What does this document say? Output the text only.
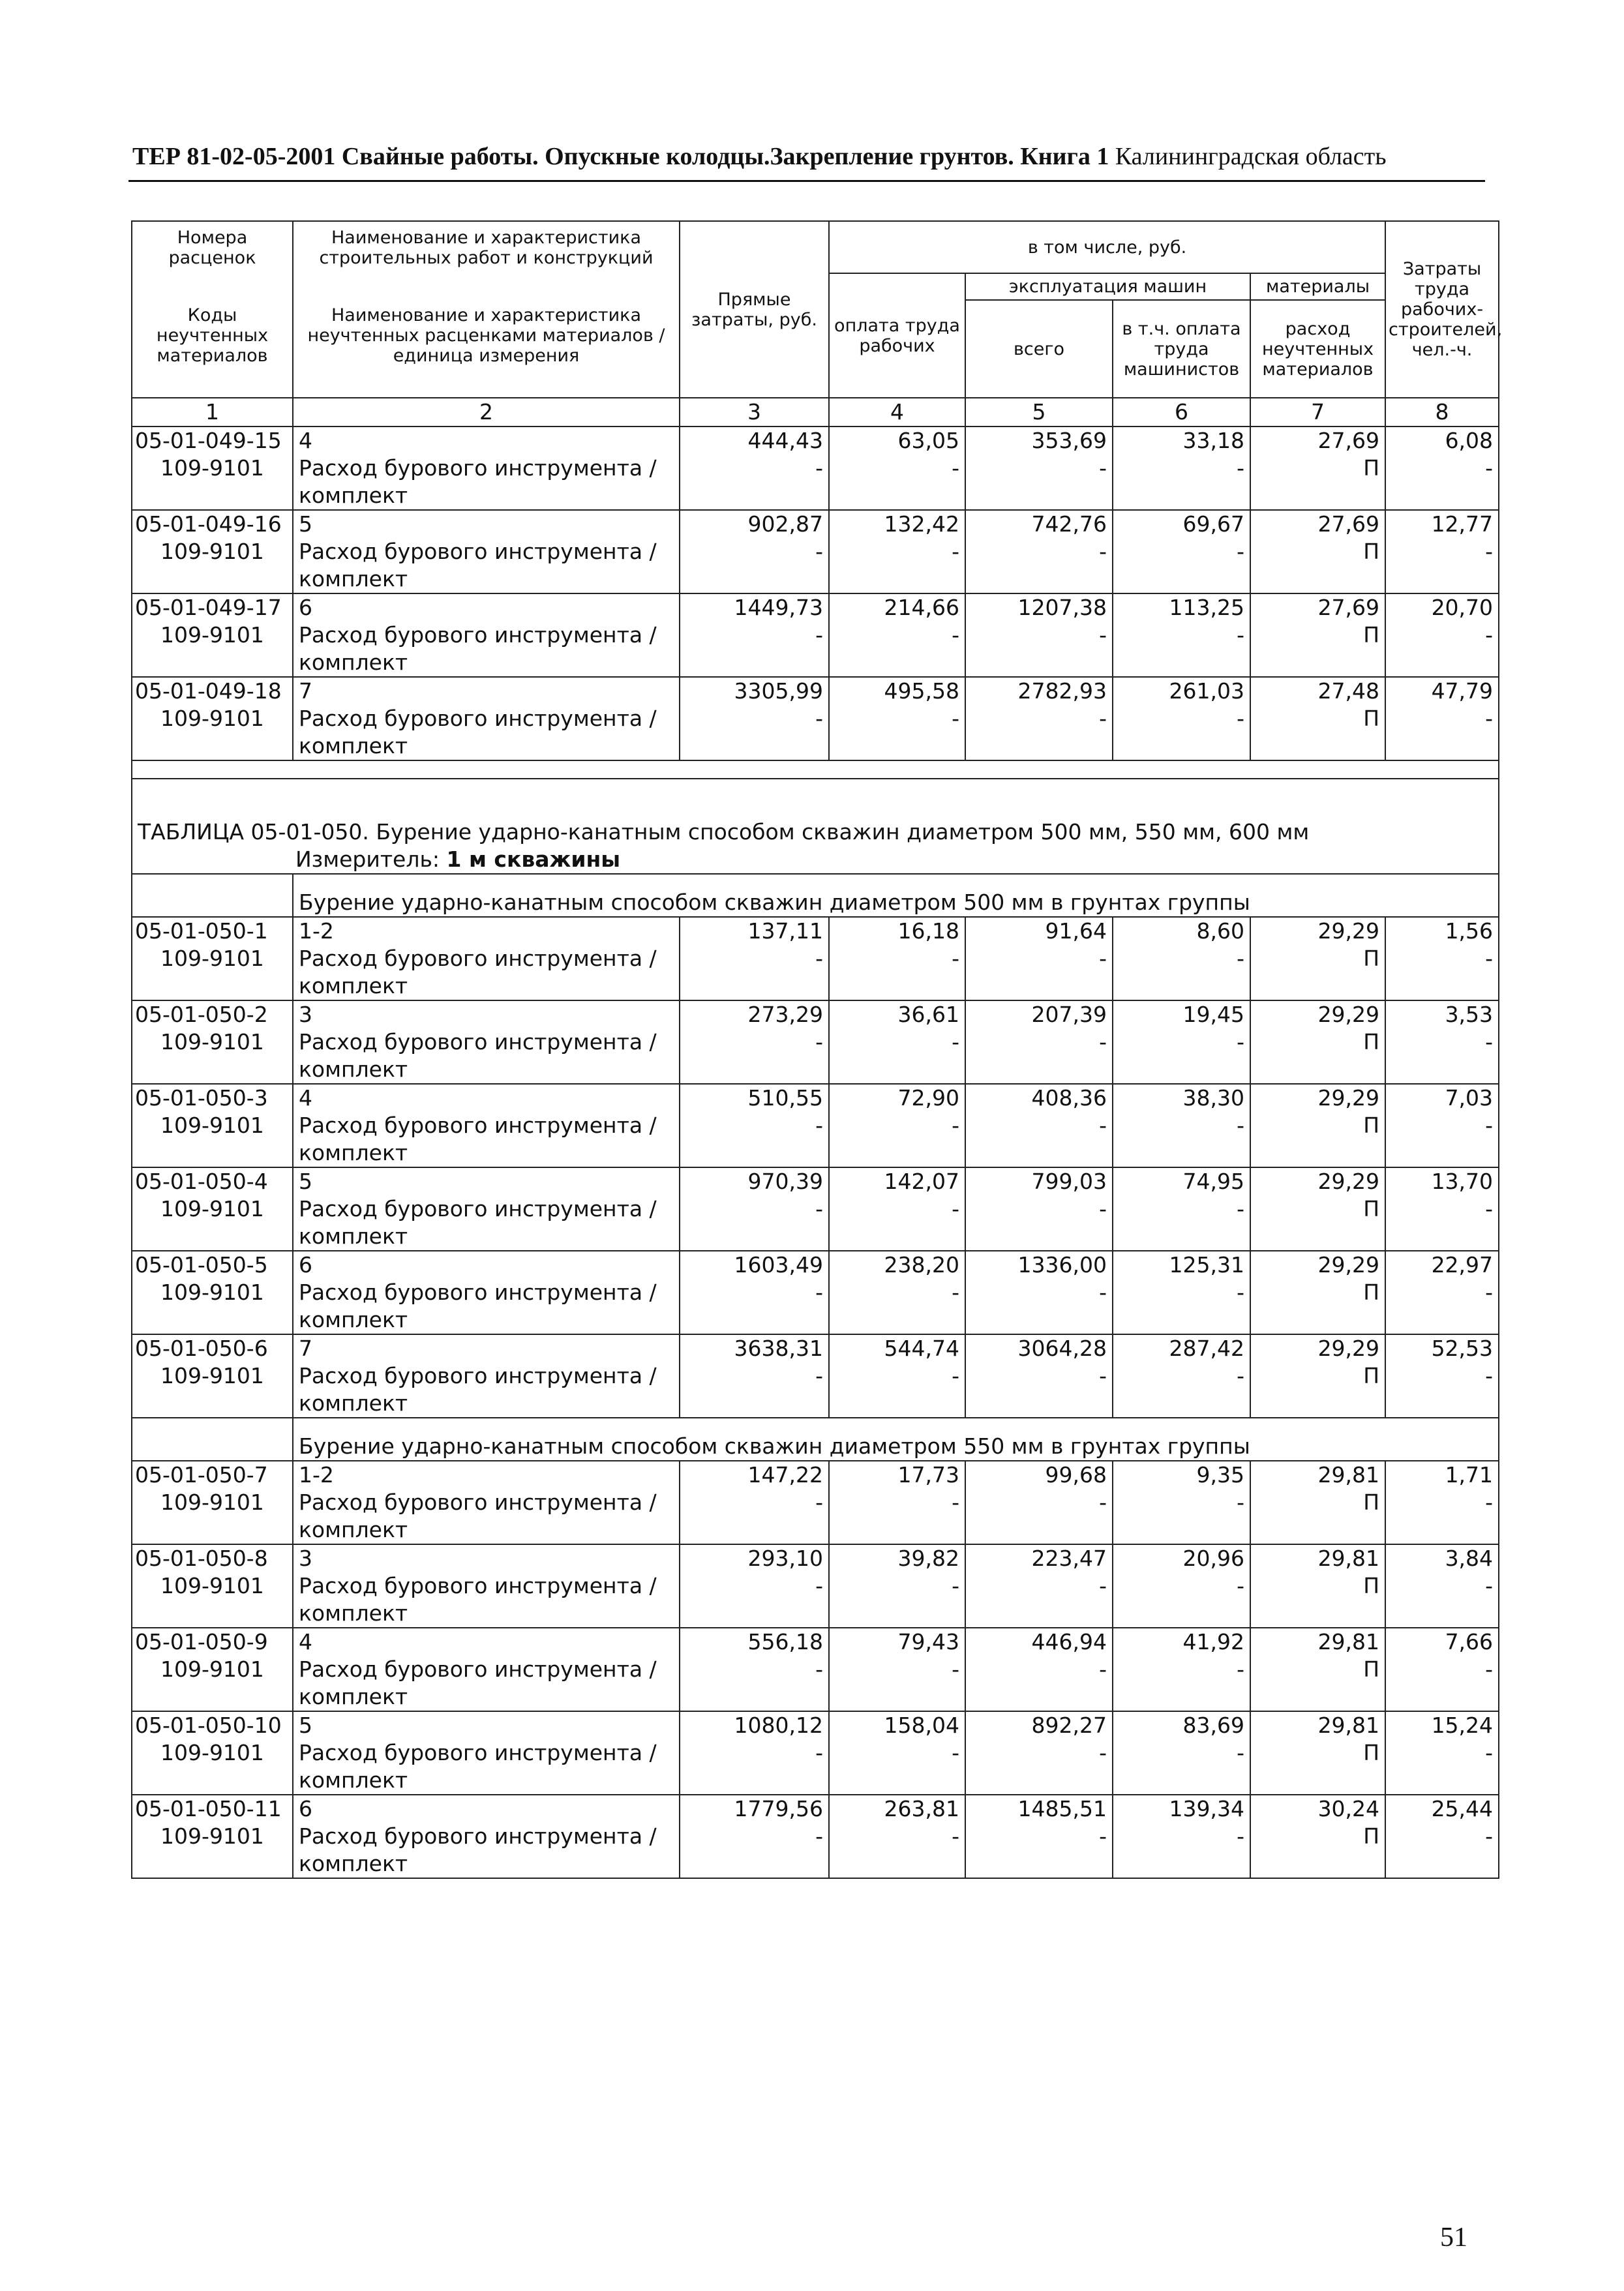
ТЕР 81-02-05-2001 Свайные работы. Опускные колодцы.Закрепление грунтов. Книга 1 Калининградская область
Номера расценок	Наименование и характеристика строительных работ и конструкций	Прямые затраты, руб.	в том числе, руб.				Затраты труда рабочих-строителей, чел.-ч.
Коды неучтенных материалов	Наименование и характеристика неучтенных расценками материалов / единица измерения		оплата труда рабочих	эксплуатация машин		материалы	
				всего	в т.ч. оплата труда машинистов	расход неучтенных материалов	
1	2	3	4	5	6	7	8
05-01-049-15	4	444,43	63,05	353,69	33,18	27,69	6,08
109-9101	Расход бурового инструмента / комплект	-	-	-	-	П	-
05-01-049-16	5	902,87	132,42	742,76	69,67	27,69	12,77
109-9101	Расход бурового инструмента / комплект	-	-	-	-	П	-
05-01-049-17	6	1449,73	214,66	1207,38	113,25	27,69	20,70
109-9101	Расход бурового инструмента / комплект	-	-	-	-	П	-
05-01-049-18	7	3305,99	495,58	2782,93	261,03	27,48	47,79
109-9101	Расход бурового инструмента / комплект	-	-	-	-	П	-

ТАБЛИЦА 05-01-050. Бурение ударно-канатным способом скважин диаметром 500 мм, 550 мм, 600 мм							
Измеритель: 1 м скважины							
	Бурение ударно-канатным способом скважин диаметром 500 мм в грунтах группы						
05-01-050-1	1-2	137,11	16,18	91,64	8,60	29,29	1,56
109-9101	Расход бурового инструмента / комплект	-	-	-	-	П	-
05-01-050-2	3	273,29	36,61	207,39	19,45	29,29	3,53
109-9101	Расход бурового инструмента / комплект	-	-	-	-	П	-
05-01-050-3	4	510,55	72,90	408,36	38,30	29,29	7,03
109-9101	Расход бурового инструмента / комплект	-	-	-	-	П	-
05-01-050-4	5	970,39	142,07	799,03	74,95	29,29	13,70
109-9101	Расход бурового инструмента / комплект	-	-	-	-	П	-
05-01-050-5	6	1603,49	238,20	1336,00	125,31	29,29	22,97
109-9101	Расход бурового инструмента / комплект	-	-	-	-	П	-
05-01-050-6	7	3638,31	544,74	3064,28	287,42	29,29	52,53
109-9101	Расход бурового инструмента / комплект	-	-	-	-	П	-
	Бурение ударно-канатным способом скважин диаметром 550 мм в грунтах группы						
05-01-050-7	1-2	147,22	17,73	99,68	9,35	29,81	1,71
109-9101	Расход бурового инструмента / комплект	-	-	-	-	П	-
05-01-050-8	3	293,10	39,82	223,47	20,96	29,81	3,84
109-9101	Расход бурового инструмента / комплект	-	-	-	-	П	-
05-01-050-9	4	556,18	79,43	446,94	41,92	29,81	7,66
109-9101	Расход бурового инструмента / комплект	-	-	-	-	П	-
05-01-050-10	5	1080,12	158,04	892,27	83,69	29,81	15,24
109-9101	Расход бурового инструмента / комплект	-	-	-	-	П	-
05-01-050-11	6	1779,56	263,81	1485,51	139,34	30,24	25,44
109-9101	Расход бурового инструмента / комплект	-	-	-	-	П	-
51
